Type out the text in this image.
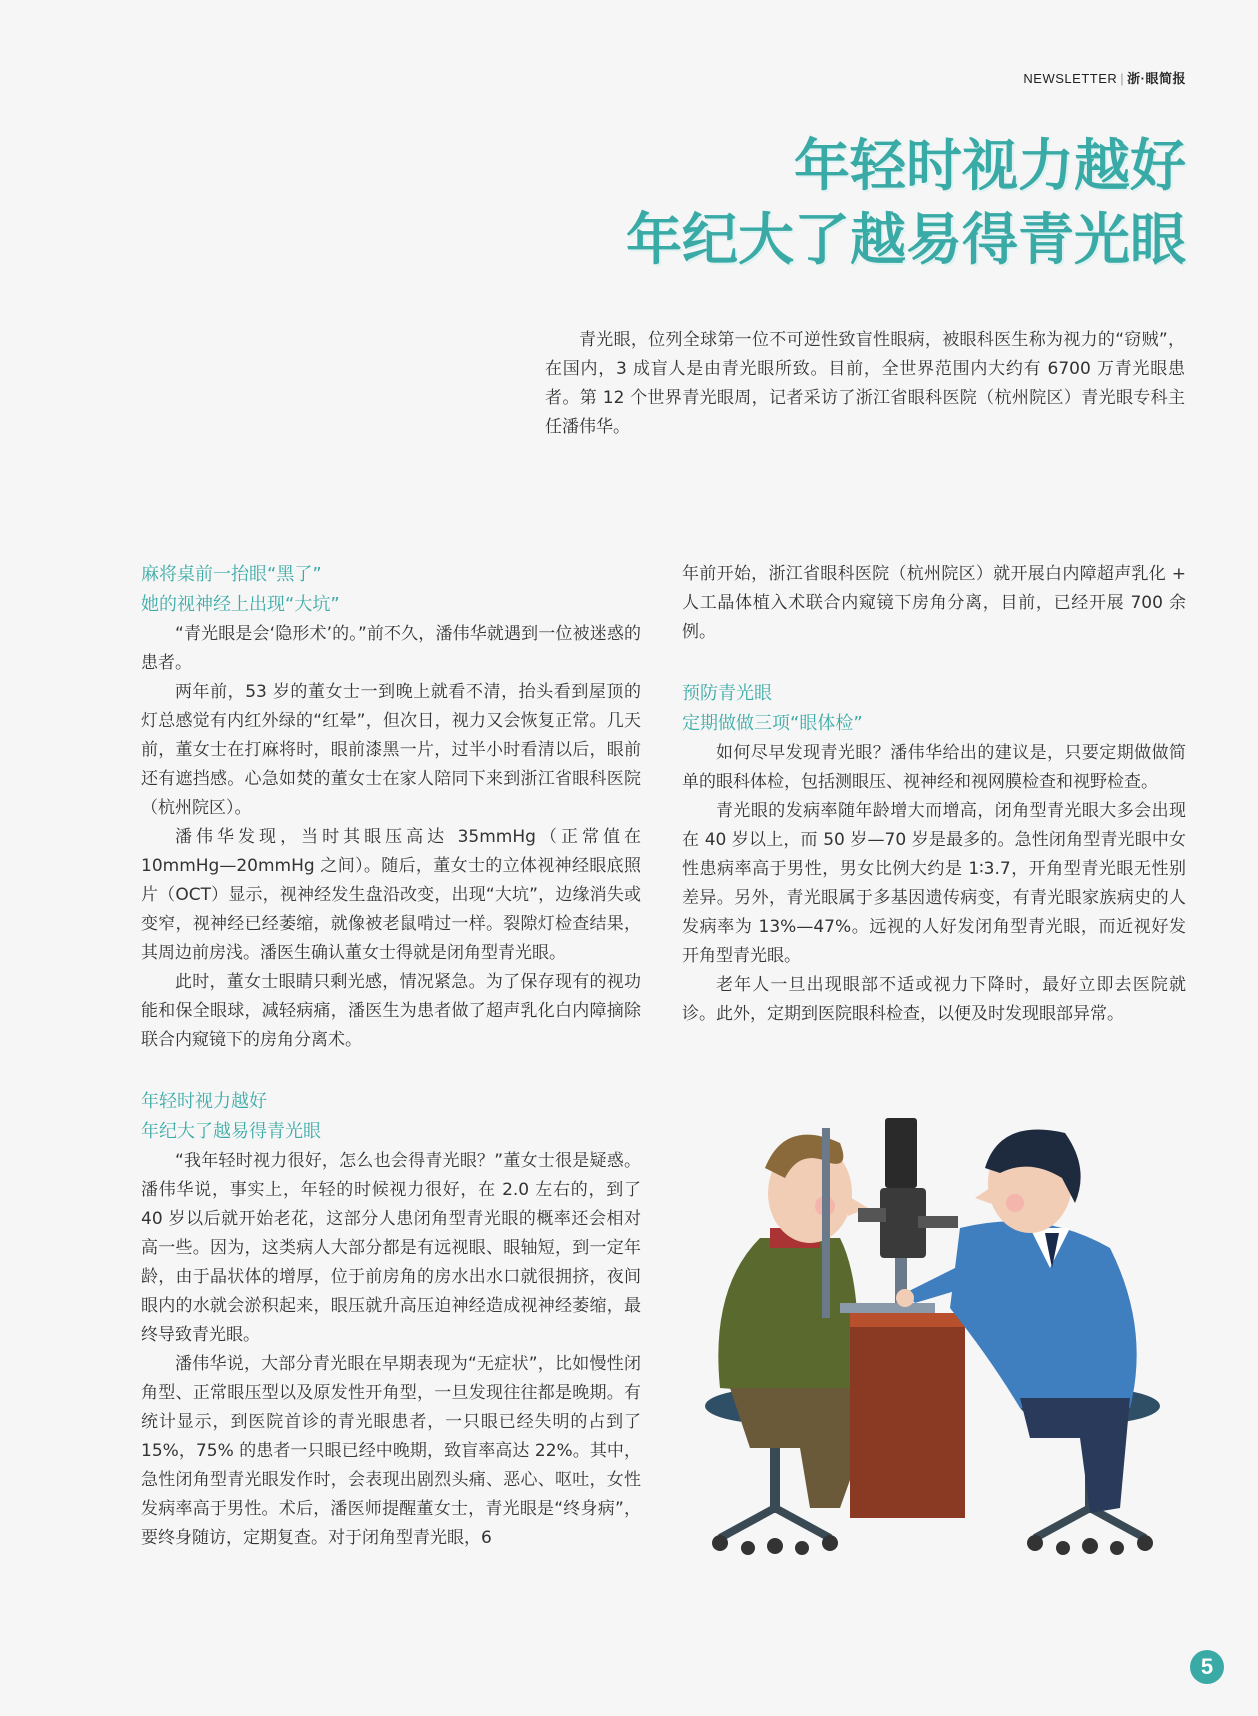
NEWSLETTER | 浙·眼简报
年轻时视力越好
年纪大了越易得青光眼

青光眼，位列全球第一位不可逆性致盲性眼病，被眼科医生称为视力的“窃贼”，在国内，3 成盲人是由青光眼所致。目前，全世界范围内大约有 6700 万青光眼患者。第 12 个世界青光眼周，记者采访了浙江省眼科医院（杭州院区）青光眼专科主任潘伟华。

麻将桌前一抬眼“黑了”
她的视神经上出现“大坑”

“青光眼是会‘隐形术’的。”前不久，潘伟华就遇到一位被迷惑的患者。

两年前，53 岁的董女士一到晚上就看不清，抬头看到屋顶的灯总感觉有内红外绿的“红晕”，但次日，视力又会恢复正常。几天前，董女士在打麻将时，眼前漆黑一片，过半小时看清以后，眼前还有遮挡感。心急如焚的董女士在家人陪同下来到浙江省眼科医院（杭州院区）。

潘伟华发现，当时其眼压高达 35mmHg（正常值在 10mmHg—20mmHg 之间）。随后，董女士的立体视神经眼底照片（OCT）显示，视神经发生盘沿改变，出现“大坑”，边缘消失或变窄，视神经已经萎缩，就像被老鼠啃过一样。裂隙灯检查结果，其周边前房浅。潘医生确认董女士得就是闭角型青光眼。

此时，董女士眼睛只剩光感，情况紧急。为了保存现有的视功能和保全眼球，减轻病痛，潘医生为患者做了超声乳化白内障摘除联合内窥镜下的房角分离术。

年轻时视力越好
年纪大了越易得青光眼

“我年轻时视力很好，怎么也会得青光眼？”董女士很是疑惑。潘伟华说，事实上，年轻的时候视力很好，在 2.0 左右的，到了 40 岁以后就开始老花，这部分人患闭角型青光眼的概率还会相对高一些。因为，这类病人大部分都是有远视眼、眼轴短，到一定年龄，由于晶状体的增厚，位于前房角的房水出水口就很拥挤，夜间眼内的水就会淤积起来，眼压就升高压迫神经造成视神经萎缩，最终导致青光眼。

潘伟华说，大部分青光眼在早期表现为“无症状”，比如慢性闭角型、正常眼压型以及原发性开角型，一旦发现往往都是晚期。有统计显示，到医院首诊的青光眼患者，一只眼已经失明的占到了 15%，75% 的患者一只眼已经中晚期，致盲率高达 22%。其中，急性闭角型青光眼发作时，会表现出剧烈头痛、恶心、呕吐，女性发病率高于男性。术后，潘医师提醒董女士，青光眼是“终身病”，要终身随访，定期复查。对于闭角型青光眼，6

年前开始，浙江省眼科医院（杭州院区）就开展白内障超声乳化 + 人工晶体植入术联合内窥镜下房角分离，目前，已经开展 700 余例。

预防青光眼
定期做做三项“眼体检”

如何尽早发现青光眼？潘伟华给出的建议是，只要定期做做简单的眼科体检，包括测眼压、视神经和视网膜检查和视野检查。

青光眼的发病率随年龄增大而增高，闭角型青光眼大多会出现在 40 岁以上，而 50 岁—70 岁是最多的。急性闭角型青光眼中女性患病率高于男性，男女比例大约是 1∶3.7，开角型青光眼无性别差异。另外，青光眼属于多基因遗传病变，有青光眼家族病史的人发病率为 13%—47%。远视的人好发闭角型青光眼，而近视好发开角型青光眼。

老年人一旦出现眼部不适或视力下降时，最好立即去医院就诊。此外，定期到医院眼科检查，以便及时发现眼部异常。

5
